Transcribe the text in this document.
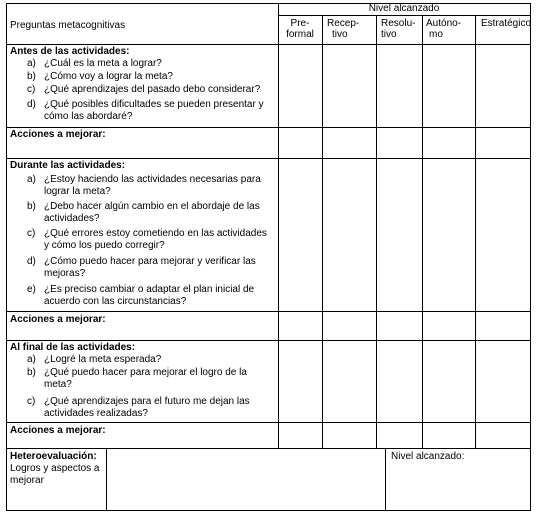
Preguntas metacognitivas
Nivel alcanzado
Pre-
formal
Recep-
tivo
Resolu-
tivo
Autóno-
mo
Estratégico
Antes de las actividades:
a) ¿Cuál es la meta a lograr?
b) ¿Cómo voy a lograr la meta?
c) ¿Qué aprendizajes del pasado debo considerar?
d) ¿Qué posibles dificultades se pueden presentar y cómo las abordaré?
Acciones a mejorar:
Durante las actividades:
a) ¿Estoy haciendo las actividades necesarias para lograr la meta?
b) ¿Debo hacer algún cambio en el abordaje de las actividades?
c) ¿Qué errores estoy cometiendo en las actividades y cómo los puedo corregir?
d) ¿Cómo puedo hacer para mejorar y verificar las mejoras?
e) ¿Es preciso cambiar o adaptar el plan inicial de acuerdo con las circunstancias?
Acciones a mejorar:
Al final de las actividades:
a) ¿Logré la meta esperada?
b) ¿Qué puedo hacer para mejorar el logro de la meta?
c) ¿Qué aprendizajes para el futuro me dejan las actividades realizadas?
Acciones a mejorar:
Heteroevaluación:
Logros y aspectos a mejorar
Nivel alcanzado:
